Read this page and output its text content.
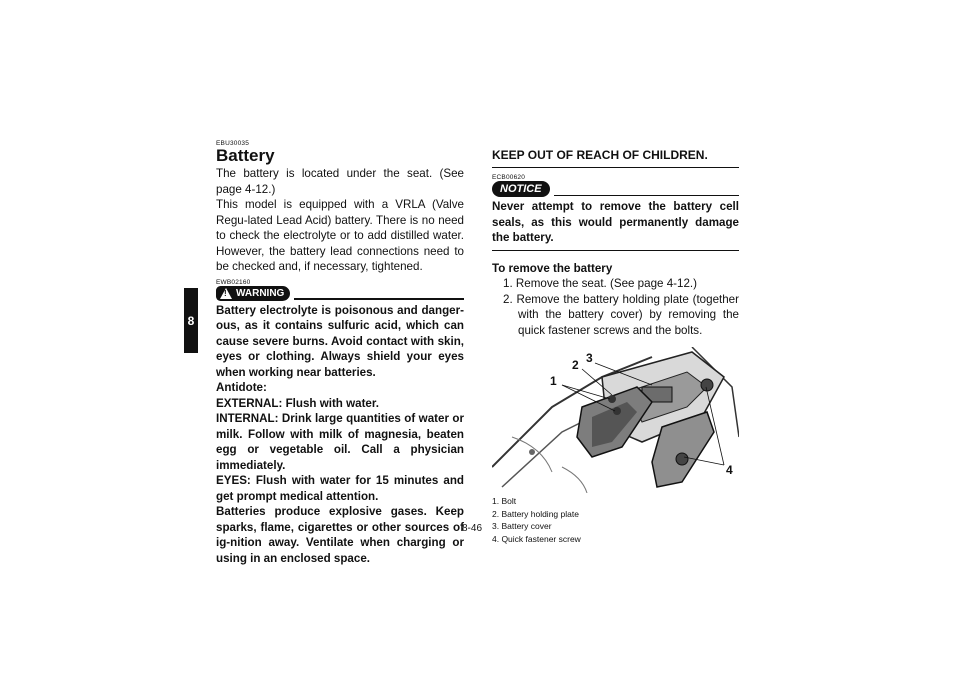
8
EBU30035
Battery

The battery is located under the seat. (See page 4-12.)

This model is equipped with a VRLA (Valve Regu-lated Lead Acid) battery. There is no need to check the electrolyte or to add distilled water. However, the battery lead connections need to be checked and, if necessary, tightened.

EWB02160
! WARNING

Battery electrolyte is poisonous and danger-ous, as it contains sulfuric acid, which can cause severe burns. Avoid contact with skin, eyes or clothing. Always shield your eyes when working near batteries.

Antidote:

EXTERNAL: Flush with water.

INTERNAL: Drink large quantities of water or milk. Follow with milk of magnesia, beaten egg or vegetable oil. Call a physician immediately.

EYES: Flush with water for 15 minutes and get prompt medical attention.

Batteries produce explosive gases. Keep sparks, flame, cigarettes or other sources of ig-nition away. Ventilate when charging or using in an enclosed space.

KEEP OUT OF REACH OF CHILDREN.

ECB00620
NOTICE

Never attempt to remove the battery cell seals, as this would permanently damage the battery.

To remove the battery
1. Remove the seat. (See page 4-12.)
2. Remove the battery holding plate (together with the battery cover) by removing the quick fastener screws and the bolts.
1
2 3
4
1. Bolt
2. Battery holding plate
3. Battery cover
4. Quick fastener screw
8-46
